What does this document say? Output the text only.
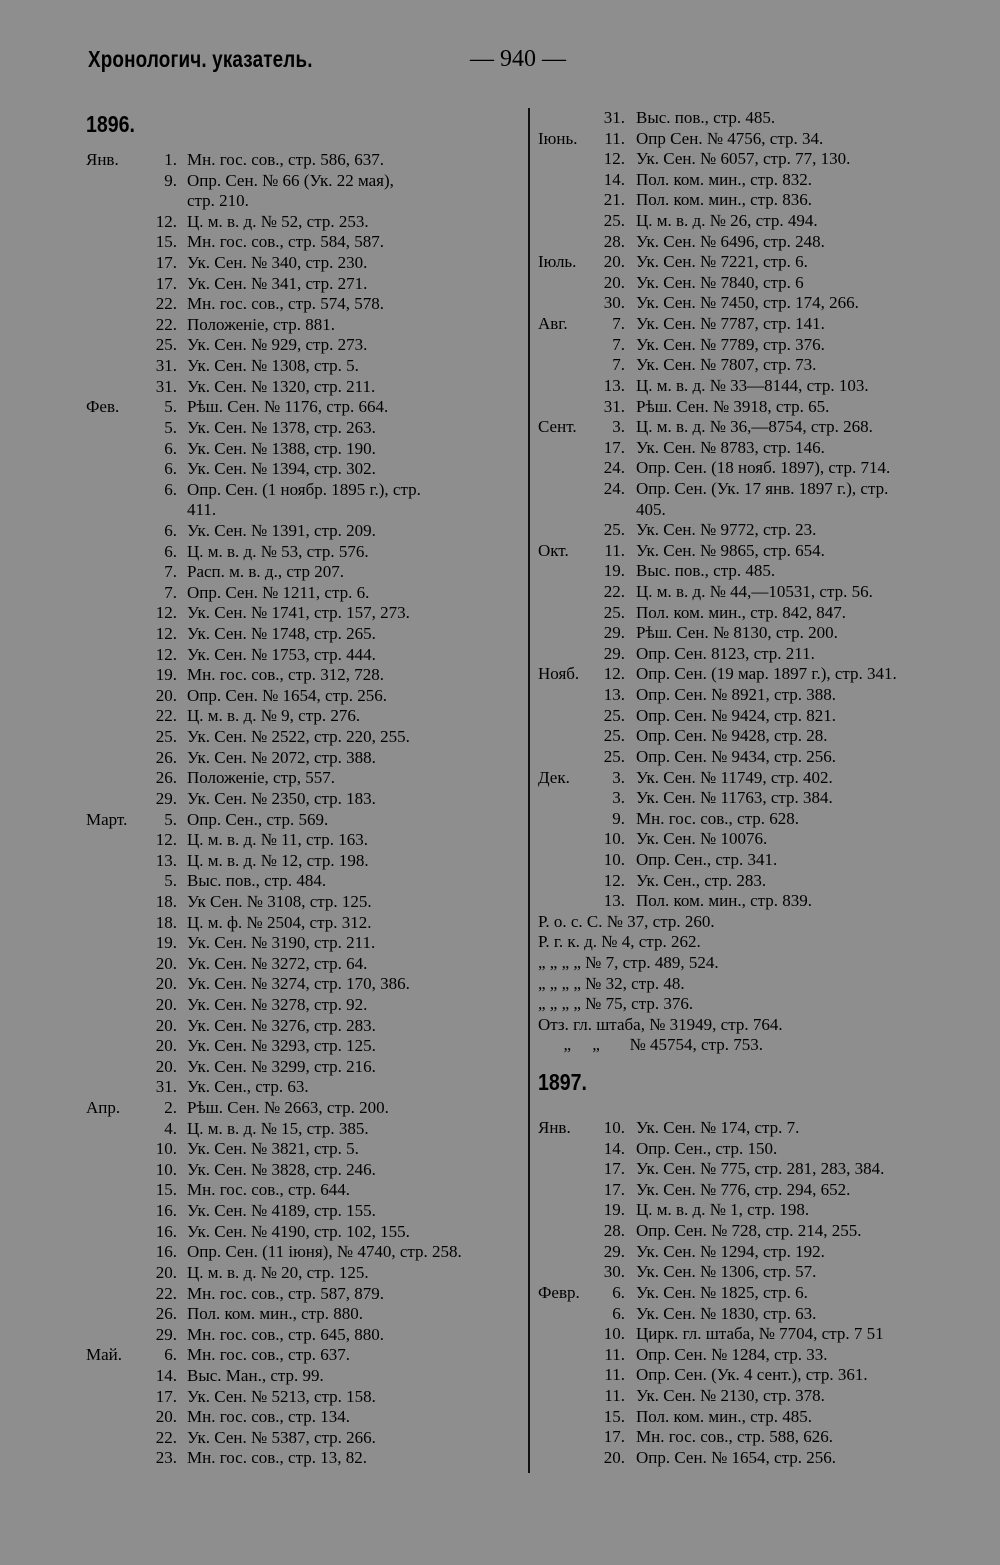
Хронологич. указатель.	— 940 —
1896.
Янв.	1. Мн. гос. сов., стр. 586, 637.
9. Опр. Сен. № 66 (Ук. 22 мая),
стр. 210.
12. Ц. м. в. д. № 52, стр. 253.
15. Мн. гос. сов., стр. 584, 587.
17. Ук. Сен. № 340, стр. 230.
17. Ук. Сен. № 341, стр. 271.
22. Мн. гос. сов., стр. 574, 578.
22. Положеніе, стр. 881.
25. Ук. Сен. № 929, стр. 273.
31. Ук. Сен. № 1308, стр. 5.
31. Ук. Сен. № 1320, стр. 211.
Фев.	5. Рѣш. Сен. № 1176, стр. 664.
5. Ук. Сен. № 1378, стр. 263.
6. Ук. Сен. № 1388, стр. 190.
6. Ук. Сен. № 1394, стр. 302.
6. Опр. Сен. (1 ноябр. 1895 г.), стр.
411.
6. Ук. Сен. № 1391, стр. 209.
6. Ц. м. в. д. № 53, стр. 576.
7. Расп. м. в. д., стр 207.
7. Опр. Сен. № 1211, стр. 6.
12. Ук. Сен. № 1741, стр. 157, 273.
12. Ук. Сен. № 1748, стр. 265.
12. Ук. Сен. № 1753, стр. 444.
19. Мн. гос. сов., стр. 312, 728.
20. Опр. Сен. № 1654, стр. 256.
22. Ц. м. в. д. № 9, стр. 276.
25. Ук. Сен. № 2522, стр. 220, 255.
26. Ук. Сен. № 2072, стр. 388.
26. Положеніе, стр, 557.
29. Ук. Сен. № 2350, стр. 183.
Март.	5. Опр. Сен., стр. 569.
12. Ц. м. в. д. № 11, стр. 163.
13. Ц. м. в. д. № 12, стр. 198.
5. Выс. пов., стр. 484.
18. Ук Сен. № 3108, стр. 125.
18. Ц. м. ф. № 2504, стр. 312.
19. Ук. Сен. № 3190, стр. 211.
20. Ук. Сен. № 3272, стр. 64.
20. Ук. Сен. № 3274, стр. 170, 386.
20. Ук. Сен. № 3278, стр. 92.
20. Ук. Сен. № 3276, стр. 283.
20. Ук. Сен. № 3293, стр. 125.
20. Ук. Сен. № 3299, стр. 216.
31. Ук. Сен., стр. 63.
Апр.	2. Рѣш. Сен. № 2663, стр. 200.
4. Ц. м. в. д. № 15, стр. 385.
10. Ук. Сен. № 3821, стр. 5.
10. Ук. Сен. № 3828, стр. 246.
15. Мн. гос. сов., стр. 644.
16. Ук. Сен. № 4189, стр. 155.
16. Ук. Сен. № 4190, стр. 102, 155.
16. Опр. Сен. (11 іюня), № 4740, стр. 258.
20. Ц. м. в. д. № 20, стр. 125.
22. Мн. гос. сов., стр. 587, 879.
26. Пол. ком. мин., стр. 880.
29. Мн. гос. сов., стр. 645, 880.
Май.	6. Мн. гос. сов., стр. 637.
14. Выс. Ман., стр. 99.
17. Ук. Сен. № 5213, стр. 158.
20. Мн. гос. сов., стр. 134.
22. Ук. Сен. № 5387, стр. 266.
23. Мн. гос. сов., стр. 13, 82.
31. Выс. пов., стр. 485.
Іюнь.	11. Опр Сен. № 4756, стр. 34.
12. Ук. Сен. № 6057, стр. 77, 130.
14. Пол. ком. мин., стр. 832.
21. Пол. ком. мин., стр. 836.
25. Ц. м. в. д. № 26, стр. 494.
28. Ук. Сен. № 6496, стр. 248.
Іюль.	20. Ук. Сен. № 7221, стр. 6.
20. Ук. Сен. № 7840, стр. 6
30. Ук. Сен. № 7450, стр. 174, 266.
Авг.	7. Ук. Сен. № 7787, стр. 141.
7. Ук. Сен. № 7789, стр. 376.
7. Ук. Сен. № 7807, стр. 73.
13. Ц. м. в. д. № 33—8144, стр. 103.
31. Рѣш. Сен. № 3918, стр. 65.
Сент.	3. Ц. м. в. д. № 36,—8754, стр. 268.
17. Ук. Сен. № 8783, стр. 146.
24. Опр. Сен. (18 нояб. 1897), стр. 714.
24. Опр. Сен. (Ук. 17 янв. 1897 г.), стр.
405.
25. Ук. Сен. № 9772, стр. 23.
Окт.	11. Ук. Сен. № 9865, стр. 654.
19. Выс. пов., стр. 485.
22. Ц. м. в. д. № 44,—10531, стр. 56.
25. Пол. ком. мин., стр. 842, 847.
29. Рѣш. Сен. № 8130, стр. 200.
29. Опр. Сен. 8123, стр. 211.
Нояб.	12. Опр. Сен. (19 мар. 1897 г.), стр. 341.
13. Опр. Сен. № 8921, стр. 388.
25. Опр. Сен. № 9424, стр. 821.
25. Опр. Сен. № 9428, стр. 28.
25. Опр. Сен. № 9434, стр. 256.
Дек.	3. Ук. Сен. № 11749, стр. 402.
3. Ук. Сен. № 11763, стр. 384.
9. Мн. гос. сов., стр. 628.
10. Ук. Сен. № 10076.
10. Опр. Сен., стр. 341.
12. Ук. Сен., стр. 283.
13. Пол. ком. мин., стр. 839.
Р. о. с. С. № 37, стр. 260.
Р. г. к. д. № 4, стр. 262.
„ „ „ „ № 7, стр. 489, 524.
„ „ „ „ № 32, стр. 48.
„ „ „ „ № 75, стр. 376.
Отз. гл. штаба, № 31949, стр. 764.
„     „       № 45754, стр. 753.
1897.
Янв.	10. Ук. Сен. № 174, стр. 7.
14. Опр. Сен., стр. 150.
17. Ук. Сен. № 775, стр. 281, 283, 384.
17. Ук. Сен. № 776, стр. 294, 652.
19. Ц. м. в. д. № 1, стр. 198.
28. Опр. Сен. № 728, стр. 214, 255.
29. Ук. Сен. № 1294, стр. 192.
30. Ук. Сен. № 1306, стр. 57.
Февр.	6. Ук. Сен. № 1825, стр. 6.
6. Ук. Сен. № 1830, стр. 63.
10. Цирк. гл. штаба, № 7704, стр. 7 51
11. Опр. Сен. № 1284, стр. 33.
11. Опр. Сен. (Ук. 4 сент.), стр. 361.
11. Ук. Сен. № 2130, стр. 378.
15. Пол. ком. мин., стр. 485.
17. Мн. гос. сов., стр. 588, 626.
20. Опр. Сен. № 1654, стр. 256.
